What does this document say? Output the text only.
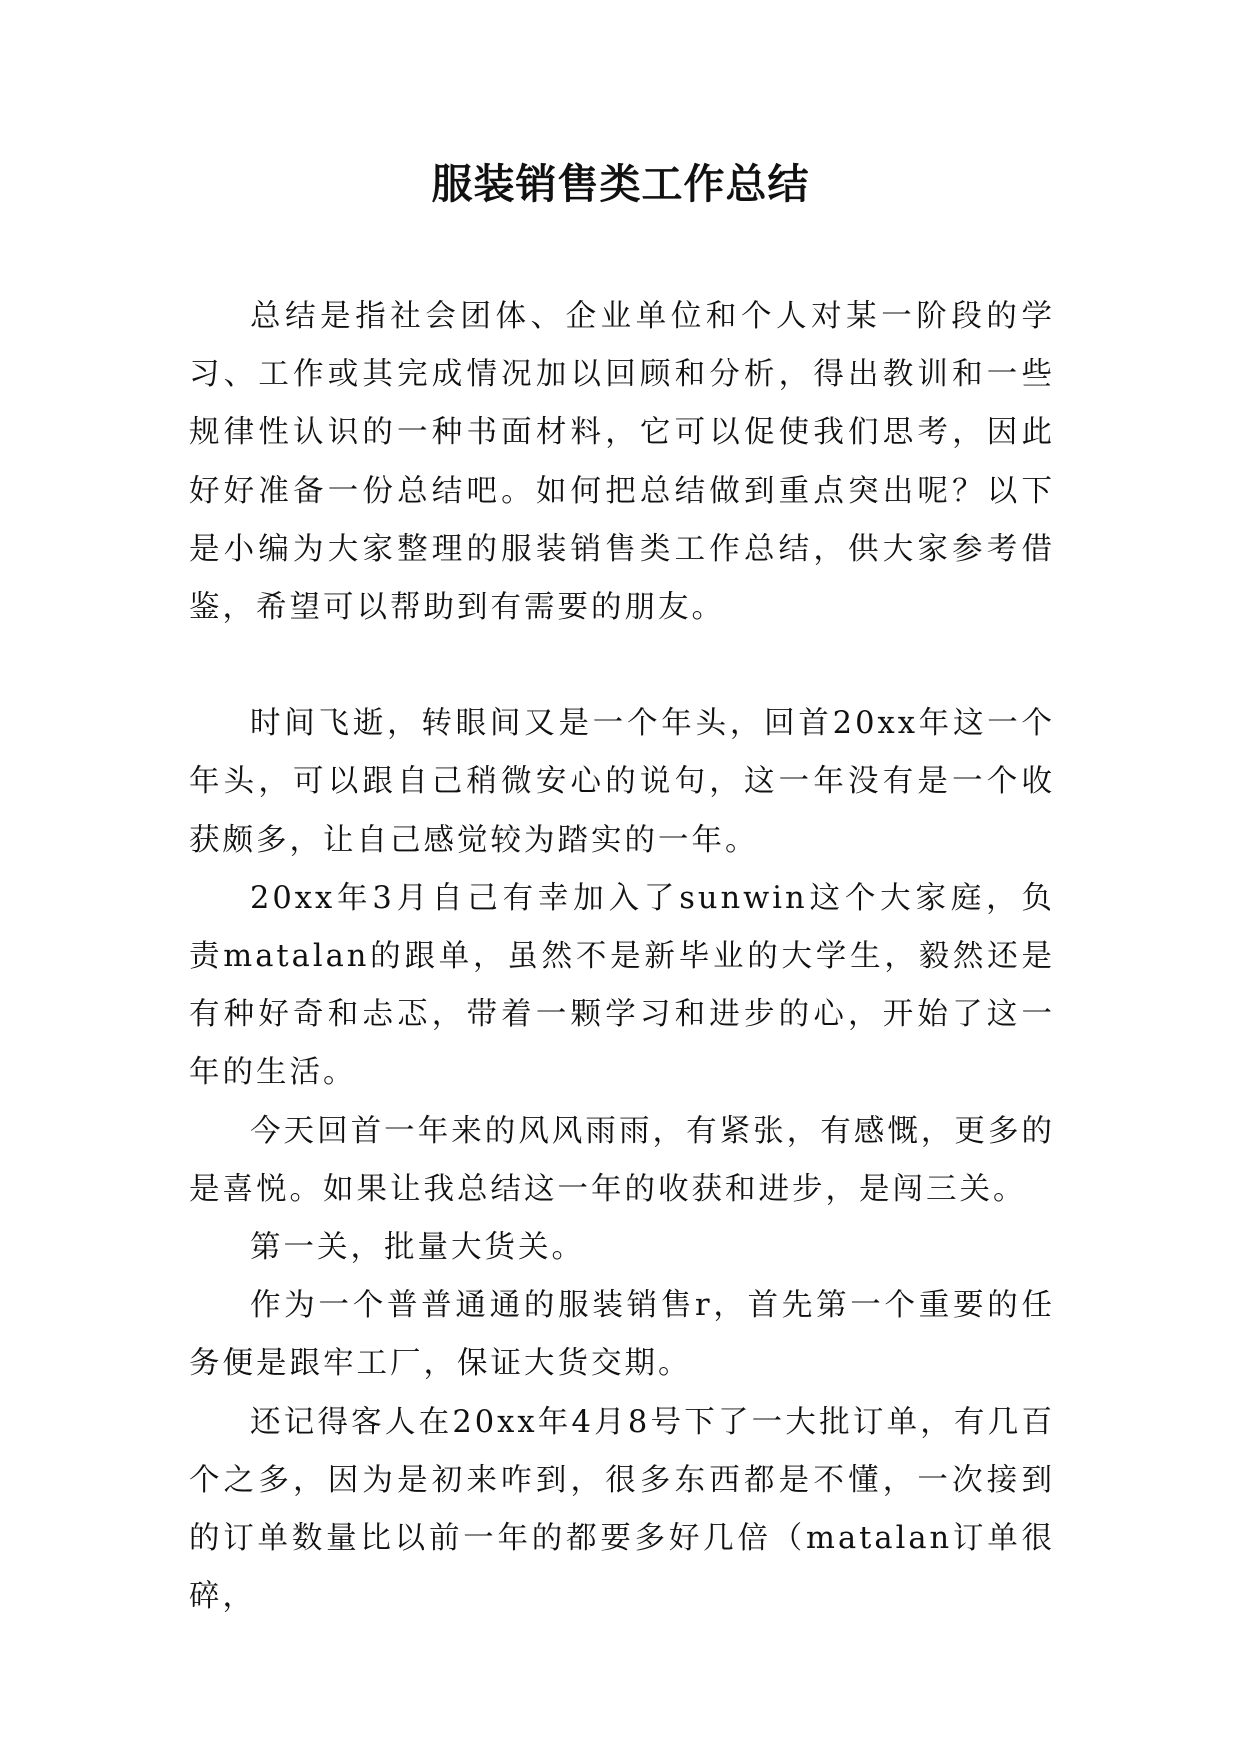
服装销售类工作总结

总结是指社会团体、企业单位和个人对某一阶段的学习、工作或其完成情况加以回顾和分析，得出教训和一些规律性认识的一种书面材料，它可以促使我们思考，因此好好准备一份总结吧。如何把总结做到重点突出呢？以下是小编为大家整理的服装销售类工作总结，供大家参考借鉴，希望可以帮助到有需要的朋友。

时间飞逝，转眼间又是一个年头，回首20xx年这一个年头，可以跟自己稍微安心的说句，这一年没有是一个收获颇多，让自己感觉较为踏实的一年。

20xx年3月自己有幸加入了sunwin这个大家庭，负责matalan的跟单，虽然不是新毕业的大学生，毅然还是有种好奇和忐忑，带着一颗学习和进步的心，开始了这一年的生活。

今天回首一年来的风风雨雨，有紧张，有感慨，更多的是喜悦。如果让我总结这一年的收获和进步，是闯三关。

第一关，批量大货关。

作为一个普普通通的服装销售r，首先第一个重要的任务便是跟牢工厂，保证大货交期。

还记得客人在20xx年4月8号下了一大批订单，有几百个之多，因为是初来咋到，很多东西都是不懂，一次接到的订单数量比以前一年的都要多好几倍（matalan订单很碎，
